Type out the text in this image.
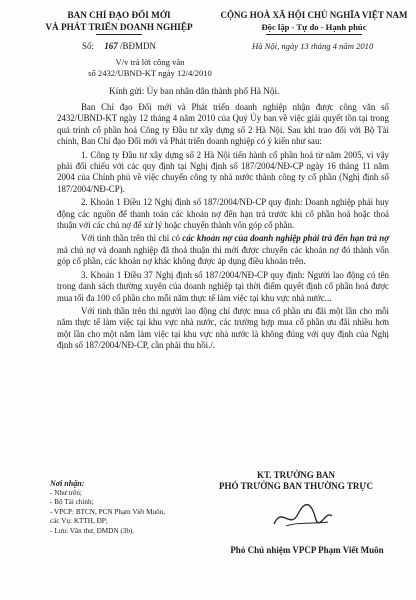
BAN CHỈ ĐẠO ĐỔI MỚI
VÀ PHÁT TRIỂN DOANH NGHIỆP
CỘNG HOÀ XÃ HỘI CHỦ NGHĨA VIỆT NAM
Độc lập - Tự do - Hạnh phúc
Số: 167 /BĐMDN	Hà Nội, ngày 13 tháng 4 năm 2010
V/v trả lời công văn
số 2432/UBND-KT ngày 12/4/2010
Kính gửi: Ủy ban nhân dân thành phố Hà Nội.

Ban Chỉ đạo Đổi mới và Phát triển doanh nghiệp nhận được công văn số 2432/UBND-KT ngày 12 tháng 4 năm 2010 của Quý Ủy ban về việc giải quyết tồn tại trong quá trình cổ phần hoá Công ty Đầu tư xây dựng số 2 Hà Nội. Sau khi trao đổi với Bộ Tài chính, Ban Chỉ đạo Đổi mới và Phát triển doanh nghiệp có ý kiến như sau:

1. Công ty Đầu tư xây dựng số 2 Hà Nội tiến hành cổ phần hoá từ năm 2005, vì vậy phải đối chiếu với các quy định tại Nghị định số 187/2004/NĐ-CP ngày 16 tháng 11 năm 2004 của Chính phủ về việc chuyển công ty nhà nước thành công ty cổ phần (Nghị định số 187/2004/NĐ-CP).

2. Khoản 1 Điều 12 Nghị định số 187/2004/NĐ-CP quy định: Doanh nghiệp phải huy động các nguồn để thanh toán các khoản nợ đến hạn trả trước khi cổ phần hoá hoặc thoả thuận với các chủ nợ để xử lý hoặc chuyển thành vốn góp cổ phần.

Với tình thần trên thì chỉ có các khoản nợ của doanh nghiệp phải trả đến hạn trả nợ mà chủ nợ và doanh nghiệp đã thoả thuận thì mới được chuyển các khoản nợ đó thành vốn góp cổ phần, các khoản nợ khác không được áp dụng điều khoản trên.

3. Khoản 1 Điều 37 Nghị định số 187/2004/NĐ-CP quy định: Người lao động có tên trong danh sách thường xuyên của doanh nghiệp tại thời điểm quyết định cổ phần hoá được mua tối đa 100 cổ phần cho mỗi năm thực tế làm việc tại khu vực nhà nước...

Với tinh thần trên thì người lao động chỉ được mua cổ phần ưu đãi một lần cho mỗi năm thực tế làm việc tại khu vực nhà nước, các trường hợp mua cổ phần ưu đãi nhiều hơn một lần cho một năm làm việc tại khu vực nhà nước là không đúng với quy định của Nghị định số 187/2004/NĐ-CP, cần phải thu hồi./.

Nơi nhận:
- Như trên;
- Bộ Tài chính;
- VPCP: BTCN, PCN Phạm Viết Muôn,
các Vụ: KTTH, ĐP;
- Lưu: Văn thư, ĐMDN (3b).
KT. TRƯỞNG BAN
PHÓ TRƯỞNG BAN THƯỜNG TRỰC
Phó Chủ nhiệm VPCP Phạm Viết Muôn
